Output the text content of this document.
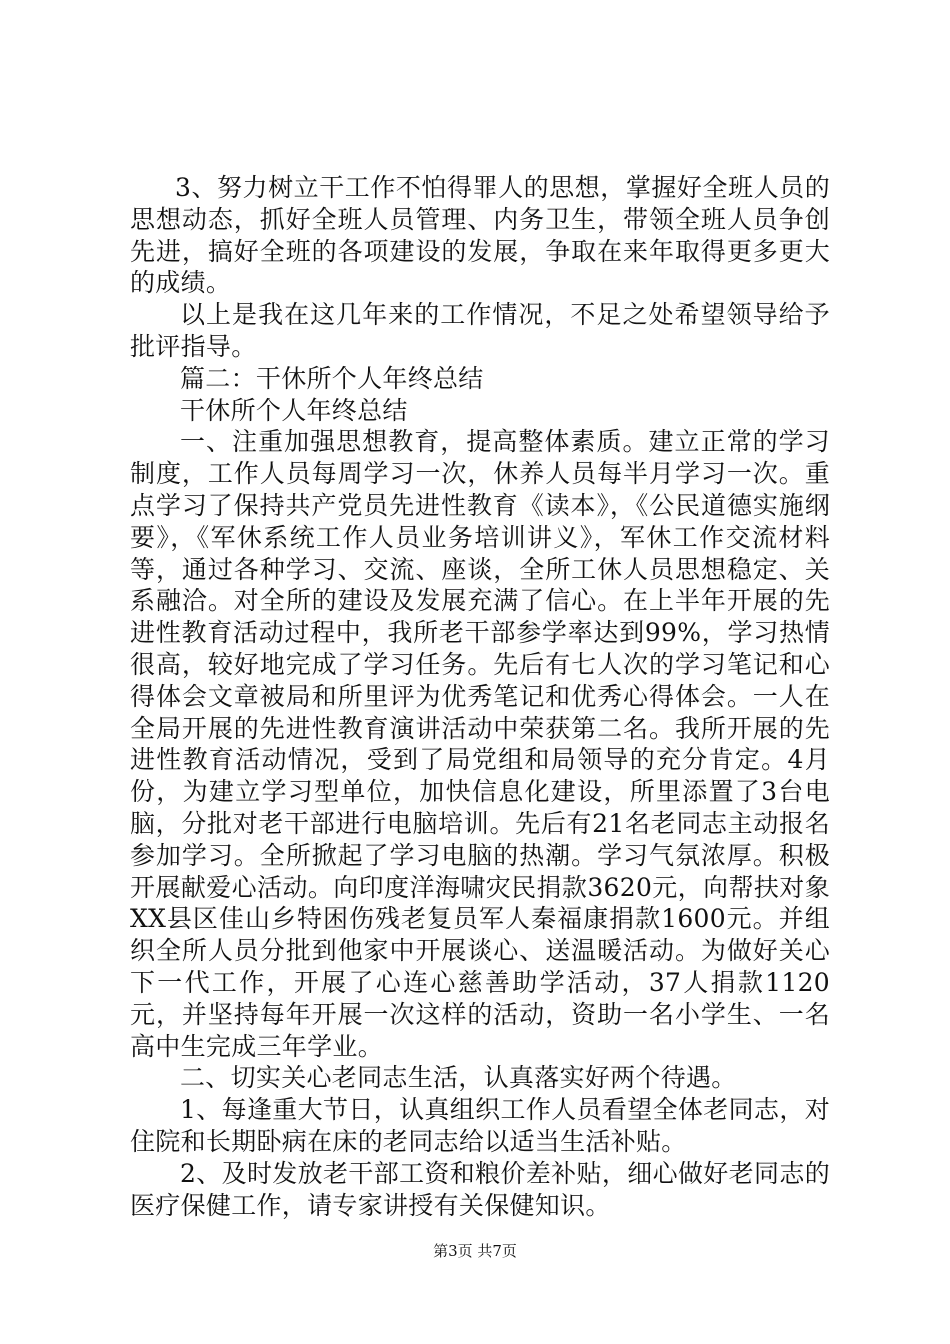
3、努力树立干工作不怕得罪人的思想，掌握好全班人员的思想动态，抓好全班人员管理、内务卫生，带领全班人员争创先进，搞好全班的各项建设的发展，争取在来年取得更多更大的成绩。

以上是我在这几年来的工作情况，不足之处希望领导给予批评指导。

篇二：干休所个人年终总结

干休所个人年终总结

一、注重加强思想教育，提高整体素质。建立正常的学习制度，工作人员每周学习一次，休养人员每半月学习一次。重点学习了保持共产党员先进性教育《读本》，《公民道德实施纲要》，《军休系统工作人员业务培训讲义》，军休工作交流材料等，通过各种学习、交流、座谈，全所工休人员思想稳定、关系融洽。对全所的建设及发展充满了信心。在上半年开展的先进性教育活动过程中，我所老干部参学率达到99%，学习热情很高，较好地完成了学习任务。先后有七人次的学习笔记和心得体会文章被局和所里评为优秀笔记和优秀心得体会。一人在全局开展的先进性教育演讲活动中荣获第二名。我所开展的先进性教育活动情况，受到了局党组和局领导的充分肯定。4月份，为建立学习型单位，加快信息化建设，所里添置了3台电脑，分批对老干部进行电脑培训。先后有21名老同志主动报名参加学习。全所掀起了学习电脑的热潮。学习气氛浓厚。积极开展献爱心活动。向印度洋海啸灾民捐款3620元，向帮扶对象XX县区佳山乡特困伤残老复员军人秦福康捐款1600元。并组织全所人员分批到他家中开展谈心、送温暖活动。为做好关心下一代工作，开展了心连心慈善助学活动，37人捐款1120元，并坚持每年开展一次这样的活动，资助一名小学生、一名高中生完成三年学业。

二、切实关心老同志生活，认真落实好两个待遇。

1、每逢重大节日，认真组织工作人员看望全体老同志，对住院和长期卧病在床的老同志给以适当生活补贴。

2、及时发放老干部工资和粮价差补贴，细心做好老同志的医疗保健工作，请专家讲授有关保健知识。

第3页 共7页
